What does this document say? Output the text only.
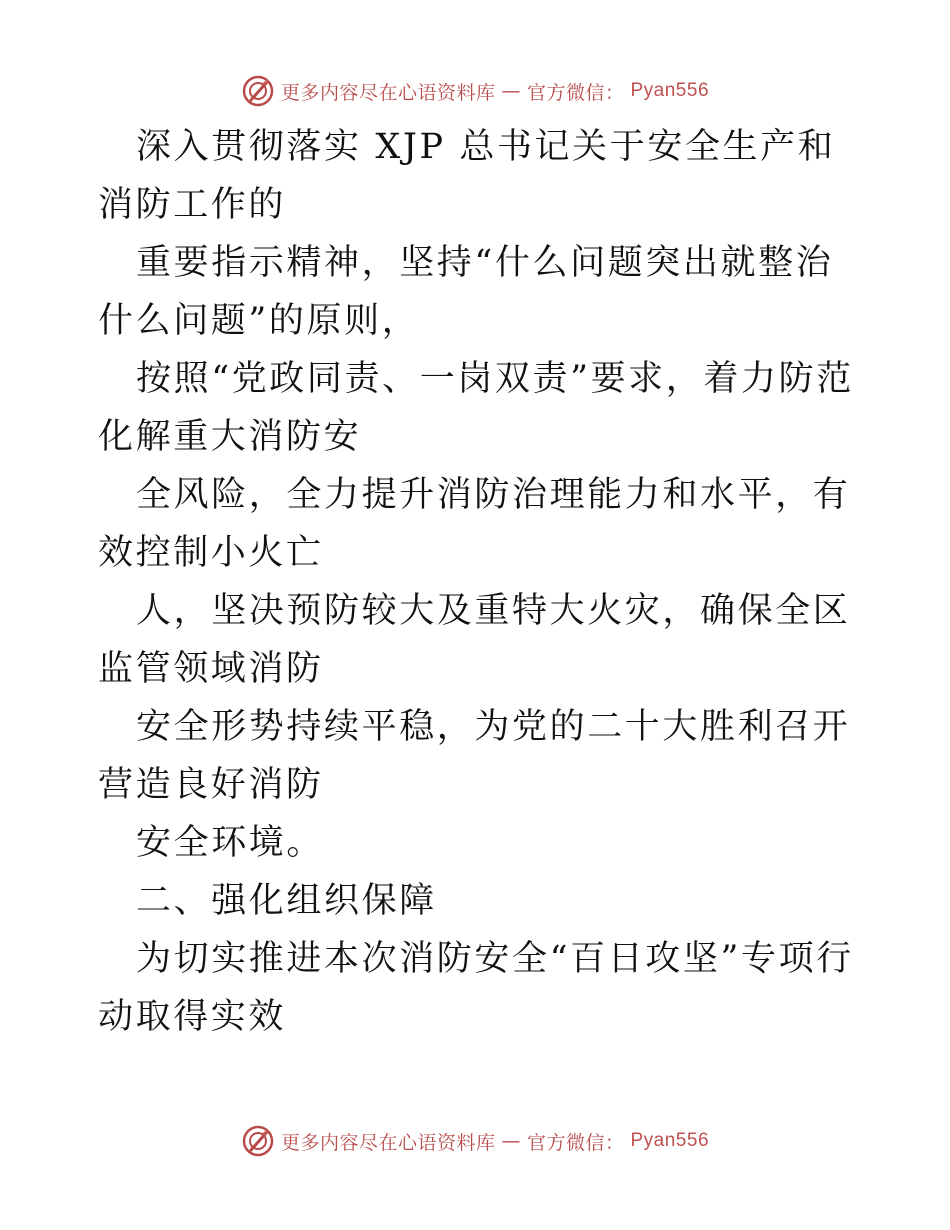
更多内容尽在心语资料库 — 官方微信： Pyan556

深入贯彻落实 XJP 总书记关于安全生产和消防工作的

重要指示精神，坚持“什么问题突出就整治什么问题”的原则，

按照“党政同责、一岗双责”要求，着力防范化解重大消防安

全风险，全力提升消防治理能力和水平，有效控制小火亡

人，坚决预防较大及重特大火灾，确保全区监管领域消防

安全形势持续平稳，为党的二十大胜利召开营造良好消防

安全环境。

二、强化组织保障

为切实推进本次消防安全“百日攻坚”专项行动取得实效

更多内容尽在心语资料库 — 官方微信： Pyan556
